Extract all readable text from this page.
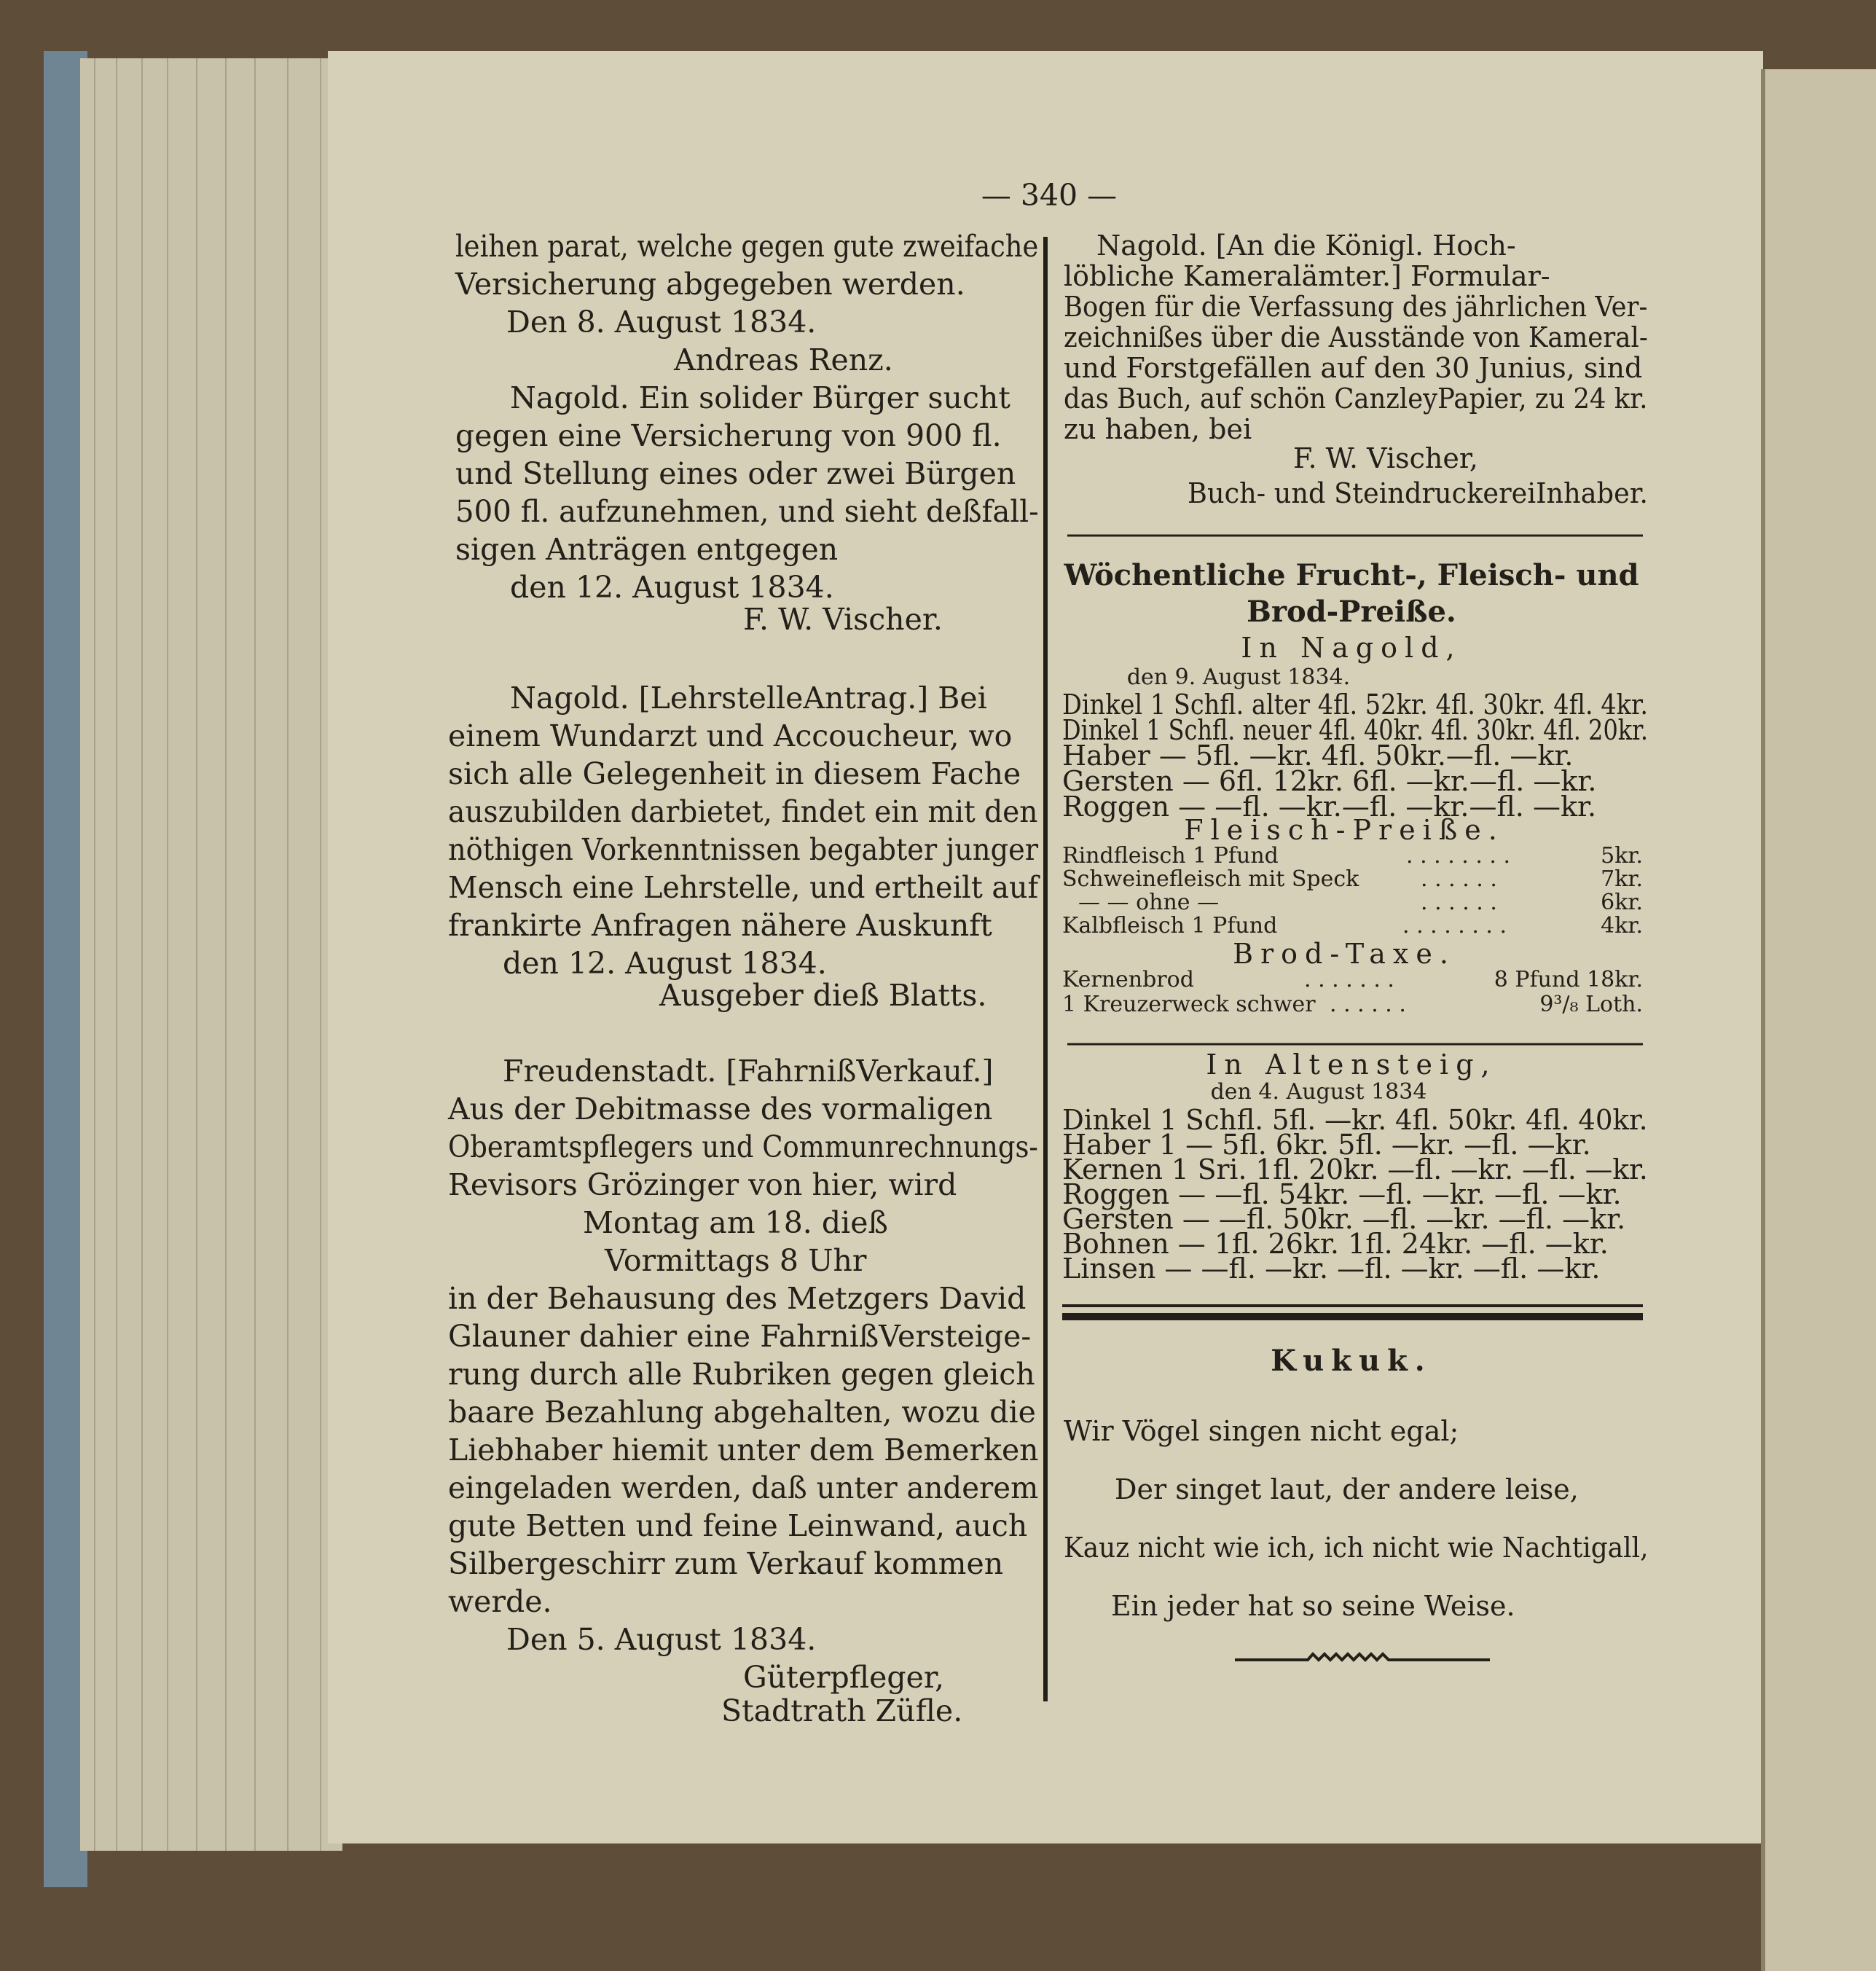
— 340 —
leihen parat, welche gegen gute zweifache
Versicherung abgegeben werden.
Den 8. August 1834.
Andreas Renz.
Nagold. Ein solider Bürger sucht
gegen eine Versicherung von 900 fl.
und Stellung eines oder zwei Bürgen
500 fl. aufzunehmen, und sieht deßfall-
sigen Anträgen entgegen
den 12. August 1834.
F. W. Vischer.
Nagold. [LehrstelleAntrag.] Bei
einem Wundarzt und Accoucheur, wo
sich alle Gelegenheit in diesem Fache
auszubilden darbietet, findet ein mit den
nöthigen Vorkenntnissen begabter junger
Mensch eine Lehrstelle, und ertheilt auf
frankirte Anfragen nähere Auskunft
den 12. August 1834.
Ausgeber dieß Blatts.
Freudenstadt. [FahrnißVerkauf.]
Aus der Debitmasse des vormaligen
Oberamtspflegers und Communrechnungs-
Revisors Grözinger von hier, wird
Montag am 18. dieß
Vormittags 8 Uhr
in der Behausung des Metzgers David
Glauner dahier eine FahrnißVersteige-
rung durch alle Rubriken gegen gleich
baare Bezahlung abgehalten, wozu die
Liebhaber hiemit unter dem Bemerken
eingeladen werden, daß unter anderem
gute Betten und feine Leinwand, auch
Silbergeschirr zum Verkauf kommen
werde.
Den 5. August 1834.
Güterpfleger,
Stadtrath Züfle.
Nagold. [An die Königl. Hoch-
löbliche Kameralämter.] Formular-
Bogen für die Verfassung des jährlichen Ver-
zeichnißes über die Ausstände von Kameral-
und Forstgefällen auf den 30 Junius, sind
das Buch, auf schön CanzleyPapier, zu 24 kr.
zu haben, bei
F. W. Vischer,
Buch- und SteindruckereiInhaber.
Wöchentliche Frucht-, Fleisch- und
Brod-Preiße.
In Nagold,
den 9. August 1834.
Dinkel 1 Schfl. alter 4fl. 52kr. 4fl. 30kr. 4fl. 4kr.
Dinkel 1 Schfl. neuer 4fl. 40kr. 4fl. 30kr. 4fl. 20kr.
Haber — 5fl. —kr. 4fl. 50kr.—fl. —kr.
Gersten — 6fl. 12kr. 6fl. —kr.—fl. —kr.
Roggen — —fl. —kr.—fl. —kr.—fl. —kr.
Fleisch-Preiße.
Rindfleisch 1 Pfund	. . . . . . . .	5kr.
Schweinefleisch mit Speck	. . . . . .	7kr.
— — ohne —	. . . . . .	6kr.
Kalbfleisch 1 Pfund	. . . . . . . .	4kr.
Brod-Taxe.
Kernenbrod	. . . . . . .	8 Pfund 18kr.
1 Kreuzerweck schwer . . . . . .	9³/₈ Loth.
In Altensteig,
den 4. August 1834
Dinkel 1 Schfl. 5fl. —kr. 4fl. 50kr. 4fl. 40kr.
Haber 1 — 5fl. 6kr. 5fl. —kr. —fl. —kr.
Kernen 1 Sri. 1fl. 20kr. —fl. —kr. —fl. —kr.
Roggen — —fl. 54kr. —fl. —kr. —fl. —kr.
Gersten — —fl. 50kr. —fl. —kr. —fl. —kr.
Bohnen — 1fl. 26kr. 1fl. 24kr. —fl. —kr.
Linsen — —fl. —kr. —fl. —kr. —fl. —kr.
Kukuk.
Wir Vögel singen nicht egal;
Der singet laut, der andere leise,
Kauz nicht wie ich, ich nicht wie Nachtigall,
Ein jeder hat so seine Weise.
